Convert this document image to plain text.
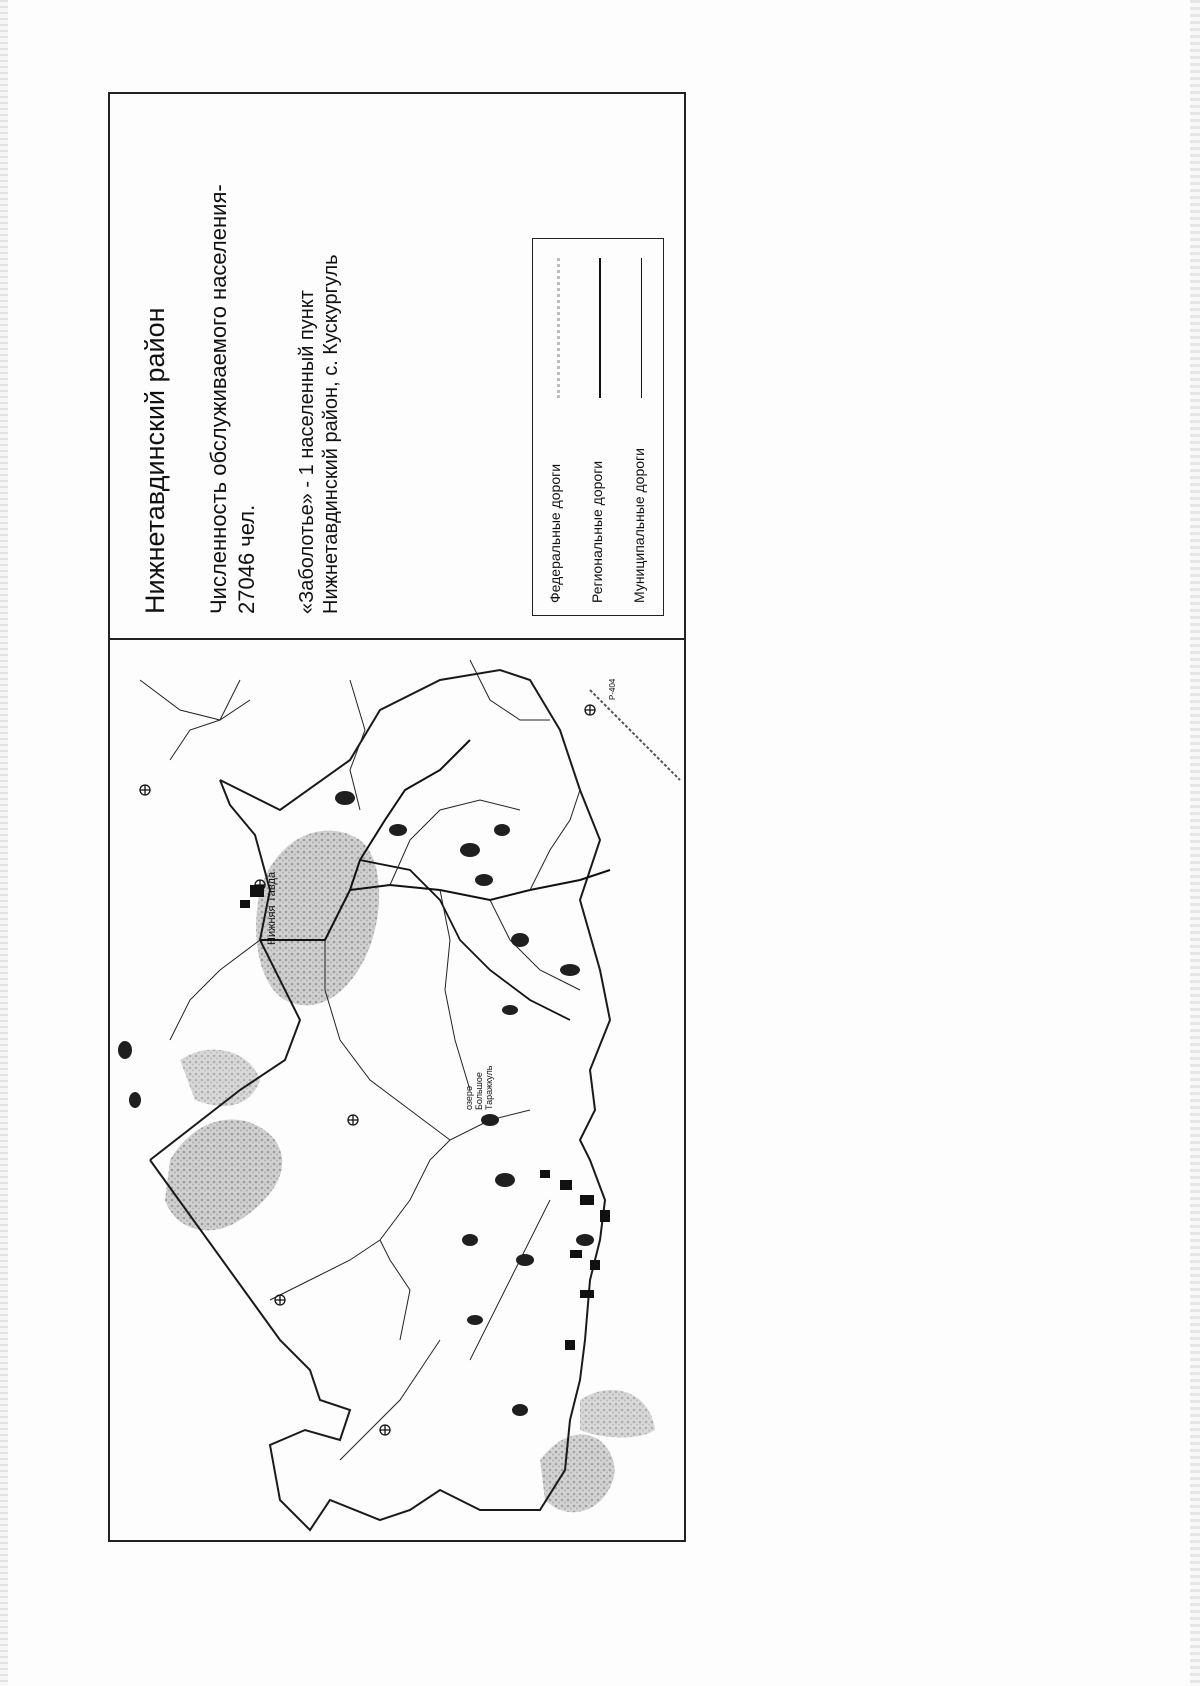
Нижнетавдинский район Численность обслуживаемого населения- 27046 чел. «Заболотье» - 1 населенный пункт Нижнетавдинский район, с. Кускургуль	Федеральные дороги Региональные дороги Муниципальные дороги
Нижняя Тавда
озеро Большое Таражкуль
Р-404
